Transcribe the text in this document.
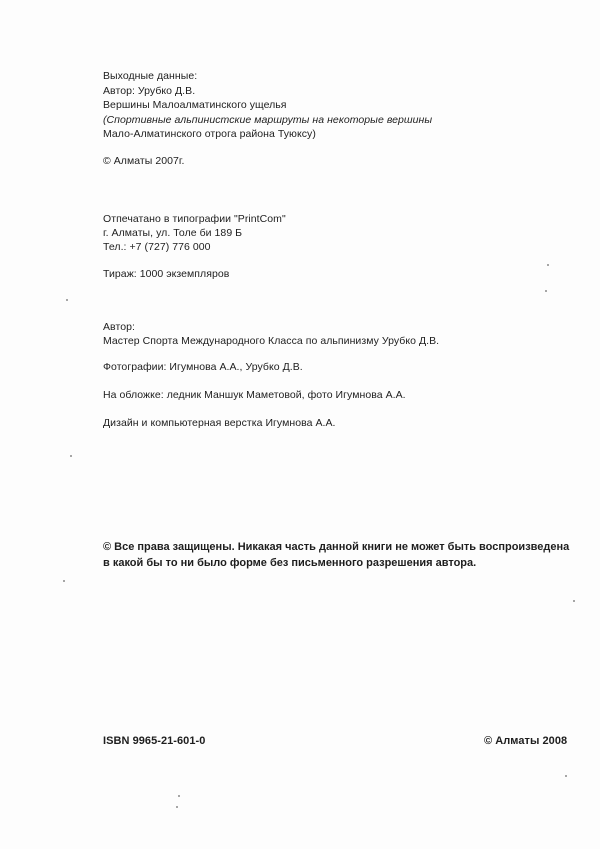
Выходные данные:
Автор: Урубко Д.В.
Вершины Малоалматинского ущелья
(Спортивные альпинистские маршруты на некоторые вершины
Мало-Алматинского отрога района Туюксу)
© Алматы 2007г.
Отпечатано в типографии "PrintCom"
г. Алматы, ул. Толе би 189 Б
Тел.: +7 (727) 776 000
Тираж: 1000 экземпляров
Автор:
Мастер Спорта Международного Класса по альпинизму Урубко Д.В.
Фотографии: Игумнова А.А., Урубко Д.В.
На обложке: ледник Маншук Маметовой, фото Игумнова А.А.
Дизайн и компьютерная верстка Игумнова А.А.
© Все права защищены. Никакая часть данной книги не может быть воспроизведена
в какой бы то ни было форме без письменного разрешения автора.
ISBN 9965-21-601-0	© Алматы 2008
